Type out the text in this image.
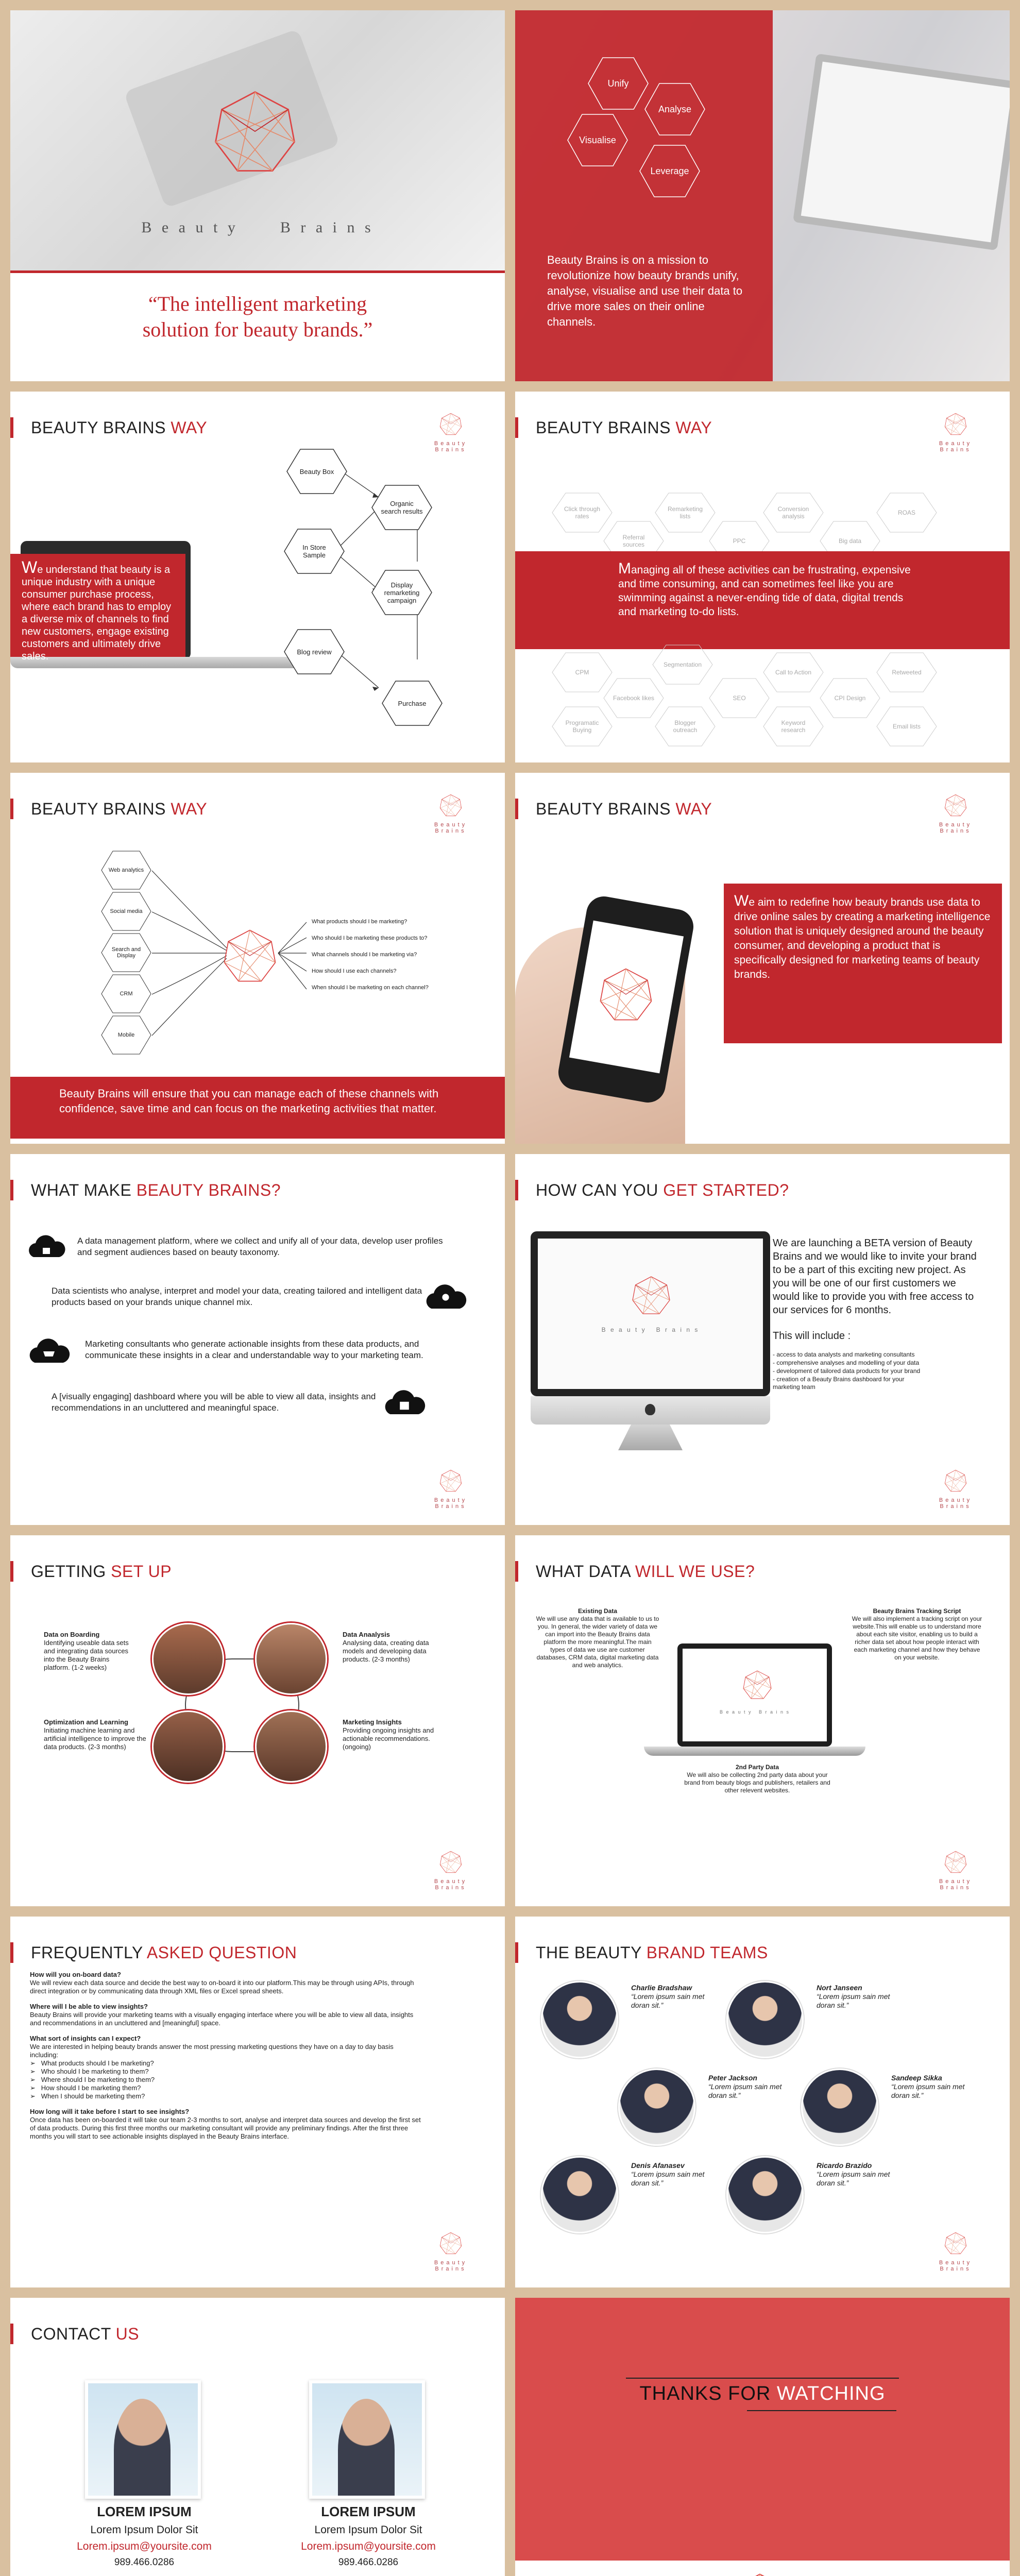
B e a u t y      B r a i n s
“The intelligent marketing solution for beauty brands.”
Unify
Analyse
Visualise
Leverage
Beauty Brains is on a mission to revolutionize how beauty brands unify, analyse, visualise and use their data to drive more sales on their online channels.
BEAUTY BRAINS WAY
Beauty Brains
We understand that beauty is a unique industry with a unique consumer purchase process, where each brand has to employ a diverse mix of channels to find new customers, engage existing customers and ultimately drive sales.
Beauty Box
Organic search results
In Store Sample
Display remarketing campaign
Blog review
Purchase
BEAUTY BRAINS WAY
Beauty Brains
Click through rates
Remarketing lists
Conversion analysis	ROAS
Referral sources	PPC	Big data
Managing all of these activities can be frustrating, expensive and time consuming, and can sometimes feel like you are swimming against a never-ending tide of data, digital trends and marketing to-do lists.
CPM
Segmentation
Call to Action	Retweeted
Facebook likes	SEO	CPI Design
Programatic Buying
Blogger outreach
Keyword research	Email lists
BEAUTY BRAINS WAY
Beauty Brains
Web analytics
Social media
Search and Display
CRM
Mobile
What products should I be marketing?
Who should I be marketing these products to?
What channels should I be marketing via?
How should I use each channels?
When should I be marketing on each channel?
Beauty Brains will ensure that you can manage each of these channels with confidence, save time and can focus on the marketing activities that matter.
BEAUTY BRAINS WAY
Beauty Brains
We aim to redefine how beauty brands use data to drive online sales by creating a marketing intelligence solution that is uniquely designed around the beauty consumer, and developing a product that is specifically designed for marketing teams of beauty brands.
WHAT MAKE BEAUTY BRAINS?
A data management platform, where we collect and unify all of your data, develop user profiles and segment audiences based on beauty taxonomy.
Data scientists who analyse, interpret and model your data, creating tailored and intelligent data products based on your brands unique channel mix.
Marketing consultants who generate actionable insights from these data products, and communicate these insights in a clear and understandable way to your marketing team.
A [visually engaging] dashboard where you will be able to view all data, insights and recommendations in an uncluttered and meaningful space.
Beauty Brains
HOW CAN YOU GET STARTED?
B e a u t y   B r a i n s
We are launching a BETA version of Beauty Brains and we would like to invite your brand to be a part of this exciting new project. As you will be one of our first customers we would like to provide you with free access to our services for 6 months.
This will include :
- access to data analysts and marketing consultants
- comprehensive analyses and modelling of your data
- development of tailored data products for your brand
- creation of a Beauty Brains dashboard for your marketing team
Beauty Brains
GETTING SET UP
Data on Boarding
Identifying useable data sets and integrating data sources into the Beauty Brains platform. (1-2 weeks)
Data Anaalysis
Analysing data, creating data models and developing data products. (2-3 months)
Optimization and Learning
Initiating machine learning and artificial intelligence to improve the data products. (2-3 months)
Marketing Insights
Providing ongoing insights and actionable recommendations. (ongoing)
Beauty Brains
WHAT DATA WILL WE USE?
Existing Data
We will use any data that is available to us to you. In general, the wider variety of data we can import into the Beauty Brains data platform the more meaningful.The main types of data we use are customer databases, CRM data, digital marketing data and web analytics.
Beauty Brains Tracking Script
We will also implement a tracking script on your website.This will enable us to understand more about each site visitor, enabling us to build a richer data set about how people interact with each marketing channel and how they behave on your website.
B e a u t y   B r a i n s
2nd Party Data
We will also be collecting 2nd party data about your brand from beauty blogs and publishers, retailers and other relevent websites.
Beauty Brains
FREQUENTLY ASKED QUESTION
How will you on-board data?
We will review each data source and decide the best way to on-board it into our platform.This may be through using APIs, through direct integration or by communicating data through XML files or Excel spread sheets.
Where will I be able to view insights?
Beauty Brains will provide your marketing teams with a visually engaging interface where you will be able to view all data, insights and recommendations in an uncluttered and [meaningful] space.
What sort of insights can I expect?
We are interested in helping beauty brands answer the most pressing marketing questions they have on a day to day basis including:
➢   What products should I be marketing?
➢   Who should I be marketing to them?
➢   Where should I be marketing to them?
➢   How should I be marketing them?
➢   When I should be marketing them?
How long will it take before I start to see insights?
Once data has been on-boarded it will take our team 2-3 months to sort, analyse and interpret data sources and develop the first set of data products. During this first three months our marketing consultant will provide any preliminary findings. After the first three months you will start to see actionable insights displayed in the Beauty Brains interface.
Beauty Brains
THE BEAUTY BRAND TEAMS
Charlie Bradshaw
“Lorem ipsum sain met doran sit.”
Nort Janseen
“Lorem ipsum sain met doran sit.”
Peter Jackson
“Lorem ipsum sain met doran sit.”
Sandeep Sikka
“Lorem ipsum sain met doran sit.”
Denis Afanasev
“Lorem ipsum sain met doran sit.”
Ricardo Brazido
“Lorem ipsum sain met doran sit.”
Beauty Brains
CONTACT US
LOREM IPSUM
Lorem Ipsum Dolor Sit
Lorem.ipsum@yoursite.com
989.466.0286
LOREM IPSUM
Lorem Ipsum Dolor Sit
Lorem.ipsum@yoursite.com
989.466.0286
THANKS FOR WATCHING
